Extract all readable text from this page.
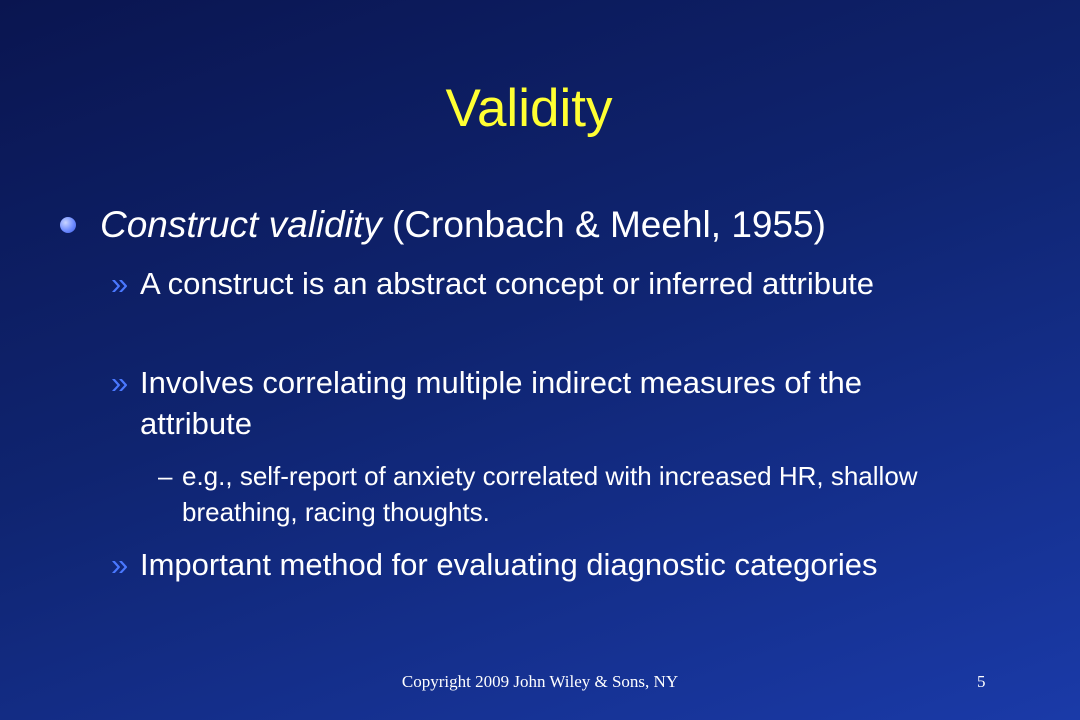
Validity
Construct validity (Cronbach & Meehl, 1955)
» A construct is an abstract concept or inferred attribute
» Involves correlating multiple indirect measures of the attribute
– e.g., self-report of anxiety correlated with increased HR, shallow breathing, racing thoughts.
» Important method for evaluating diagnostic categories
Copyright 2009 John Wiley & Sons, NY	5
